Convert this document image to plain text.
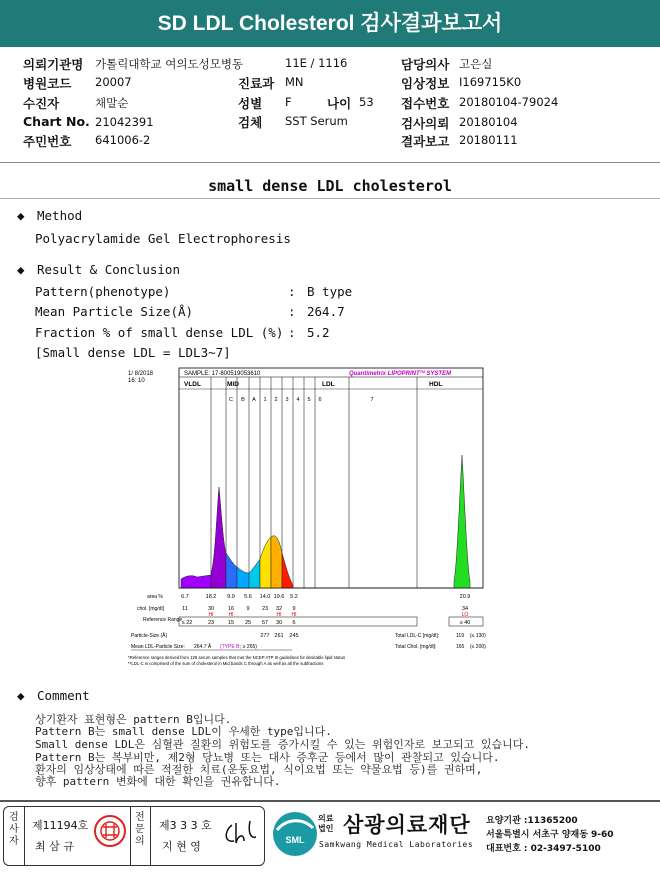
SD LDL Cholesterol 검사결과보고서
의뢰기관명 가톨릭대학교 여의도성모병동	11E / 1116	담당의사 고은실
병원코드 20007	진료과 MN	임상정보 I169715K0
수진자	채말순	성별 F	나이 53 접수번호 20180104-79024
Chart No. 21042391	검체 SST Serum	검사의뢰 20180104
주민번호 641006-2	결과보고 20180111
small dense LDL cholesterol
◆ Method
Polyacrylamide Gel Electrophoresis
◆ Result & Conclusion
Pattern(phenotype)	: B type
Mean Particle Size(Å)	: 264.7
Fraction % of small dense LDL (%) : 5.2
[Small dense LDL = LDL3~7]
1/ 8/2018
16: 10
SAMPLE: 17-800519053610	Quantimetrix LIPOPRINT™ SYSTEM
VLDL	MID	LDL	HDL
C B A 1 2 3 4 5 6	7
area %	6.7	18.2 9.9 5.6 14.0 19.6 5.2	20.9
chol. [mg/dl]	11	30	16 9 23 32 9	34
HI	HI	HI HI	LO
Reference Range ≤ 22	23	15 25 57 30 6	≥ 40
Particle-Size (Å)	277 261 245	Total LDL-C [mg/dl]:	119 (≤ 130)
Mean LDL-Particle Size: 264.7 Å (TYPE B ; ≥ 265)	Total Chol. [mg/dl]:	165 (≤ 200)
*Reference ranges derived from 125 serum samples that met the NCEP ATP III guidelines for desirable lipid status
**LDL-C is comprised of the sum of cholesterol in Mid bands C through A as well as all the subfractions
◆ Comment
상기환자 표현형은 pattern B입니다.
Pattern B는 small dense LDL이 우세한 type입니다.
Small dense LDL은 심혈관 질환의 위험도를 증가시킬 수 있는 위험인자로 보고되고 있습니다.
Pattern B는 복부비만, 제2형 당뇨병 또는 대사 증후군 등에서 많이 관찰되고 있습니다.
환자의 임상상태에 따른 적절한 치료(운동요법, 식이요법 또는 약물요법 등)를 권하며,
향후 pattern 변화에 대한 확인을 권유합니다.
검사자
제11194호
최 삼 규
전문의
제3 3 3 호
지 현 영	SML
의료법인 삼광의료재단
Samkwang Medical Laboratories
요양기관 :11365200
서울특별시 서초구 양재동 9-60
대표번호 : 02-3497-5100
